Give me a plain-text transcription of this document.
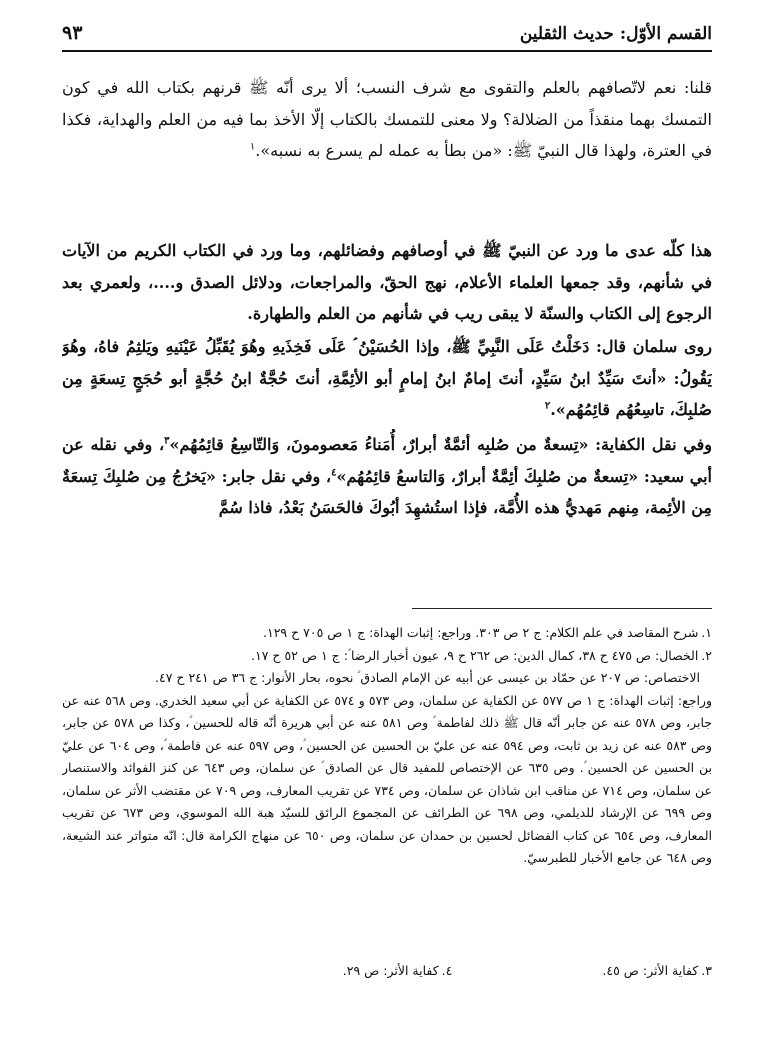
القسم الأوّل: حديث الثقلين
٩٣

قلنا: نعم لاتّصافهم بالعلم والتقوى مع شرف النسب؛ ألا يرى أنّه ﷺ قرنهم بكتاب الله في كون التمسك بهما منقذاً من الضلالة؟ ولا معنى للتمسك بالكتاب إلّا الأخذ بما فيه من العلم والهداية، فكذا في العترة، ولهذا قال النبيّ ﷺ: «من بطأ به عمله لم يسرع به نسبه».$^١$

هذا كلّه عدى ما ورد عن النبيّ ﷺ في أوصافهم وفضائلهم، وما ورد في الكتاب الكريم من الآيات في شأنهم، وقد جمعها العلماء الأعلام، نهج الحقّ، والمراجعات، ودلائل الصدق و....، ولعمري بعد الرجوع إلى الكتاب والسنّة لا يبقى ريب في شأنهم من العلم والطهارة.

روى سلمان قال: دَخَلْتُ عَلَى النَّبِيِّ ﷺ، وإذا الحُسَيْنُ ؑ عَلَى فَخِذَيهِ وهُوَ يُقَبِّلُ عَيْنَيهِ ويَلثِمُ فاهُ، وهُوَ يَقُولُ: «أنتَ سَيِّدٌ ابنُ سَيِّدٍ، أنتَ إمامٌ ابنُ إمامٍ أبو الأئِمَّةِ، أنتَ حُجَّةٌ ابنُ حُجَّةٍ أبو حُجَجٍ تِسعَةٍ مِن صُلبِكَ، تاسِعُهُم قائِمُهُم».$^٢$

وفي نقل الكفاية: «تِسعةٌ من صُلبِه أئمَّةٌ أبرارٌ، أُمَناءُ مَعصومونَ، وَالتّاسِعُ قائِمُهُم»$^٣$، وفي نقله عن أبي سعيد: «تِسعةٌ من صُلبِكَ أئِمَّةٌ أبرارٌ، وَالتاسعُ قائِمُهُم»$^٤$، وفي نقل جابر: «يَخرُجُ مِن صُلبِكَ تِسعَةٌ مِن الأئِمة، مِنهم مَهديُّ هذه الأُمَّة، فإذا استُشهِدَ أبُوكَ فالحَسَنُ بَعْدُ، فاذا سُمَّ

١.شرح المقاصد في علم الكلام: ج ٢ ص ٣٠٣. وراجع: إثبات الهداة: ج ١ ص ٧٠٥ ح ١٢٩.

٢.الخصال: ص ٤٧٥ ح ٣٨، كمال الدين: ص ٢٦٢ ح ٩، عيون أخبار الرضا ؑ: ج ١ ص ٥٢ ح ١٧.

الاختصاص: ص ٢٠٧ عن حمّاد بن عيسى عن أبيه عن الإمام الصادق ؑ نحوه، بحار الأنوار: ج ٣٦ ص ٢٤١ ح ٤٧.

وراجع: إثبات الهداة: ج ١ ص ٥٧٧ عن الكفاية عن سلمان، وص ٥٧٣ و ٥٧٤ عن الكفاية عن أبي سعيد الخدري. وص ٥٦٨ عنه عن جابر، وص ٥٧٨ عنه عن جابر أنّه قال ﷺ ذلك لفاطمة ؑ وص ٥٨١ عنه عن أبي هريرة أنّه قاله للحسين ؑ، وكذا ص ٥٧٨ عن جابر، وص ٥٨٣ عنه عن زيد بن ثابت، وص ٥٩٤ عنه عن عليّ بن الحسين عن الحسين ؑ، وص ٥٩٧ عنه عن فاطمة ؑ، وص ٦٠٤ عن عليّ بن الحسين عن الحسين ؑ. وص ٦٣٥ عن الإختصاص للمفيد قال عن الصادق ؑ عن سلمان، وص ٦٤٣ عن كنز الفوائد والاستنصار عن سلمان، وص ٧١٤ عن مناقب ابن شاذان عن سلمان، وص ٧٣٤ عن تقريب المعارف، وص ٧٠٩ عن مقتضب الأثر عن سلمان، وص ٦٩٩ عن الإرشاد للديلمي، وص ٦٩٨ عن الطرائف عن المجموع الرائق للسيّد هبة الله الموسوي، وص ٦٧٣ عن تقريب المعارف، وص ٦٥٤ عن كتاب الفضائل لحسين بن حمدان عن سلمان، وص ٦٥٠ عن منهاج الكرامة قال: انّه متواتر عند الشيعة، وص ٦٤٨ عن جامع الأخبار للطبرسيّ.

٣.كفاية الأثر: ص ٤٥.
٤.كفاية الأثر: ص ٢٩.
